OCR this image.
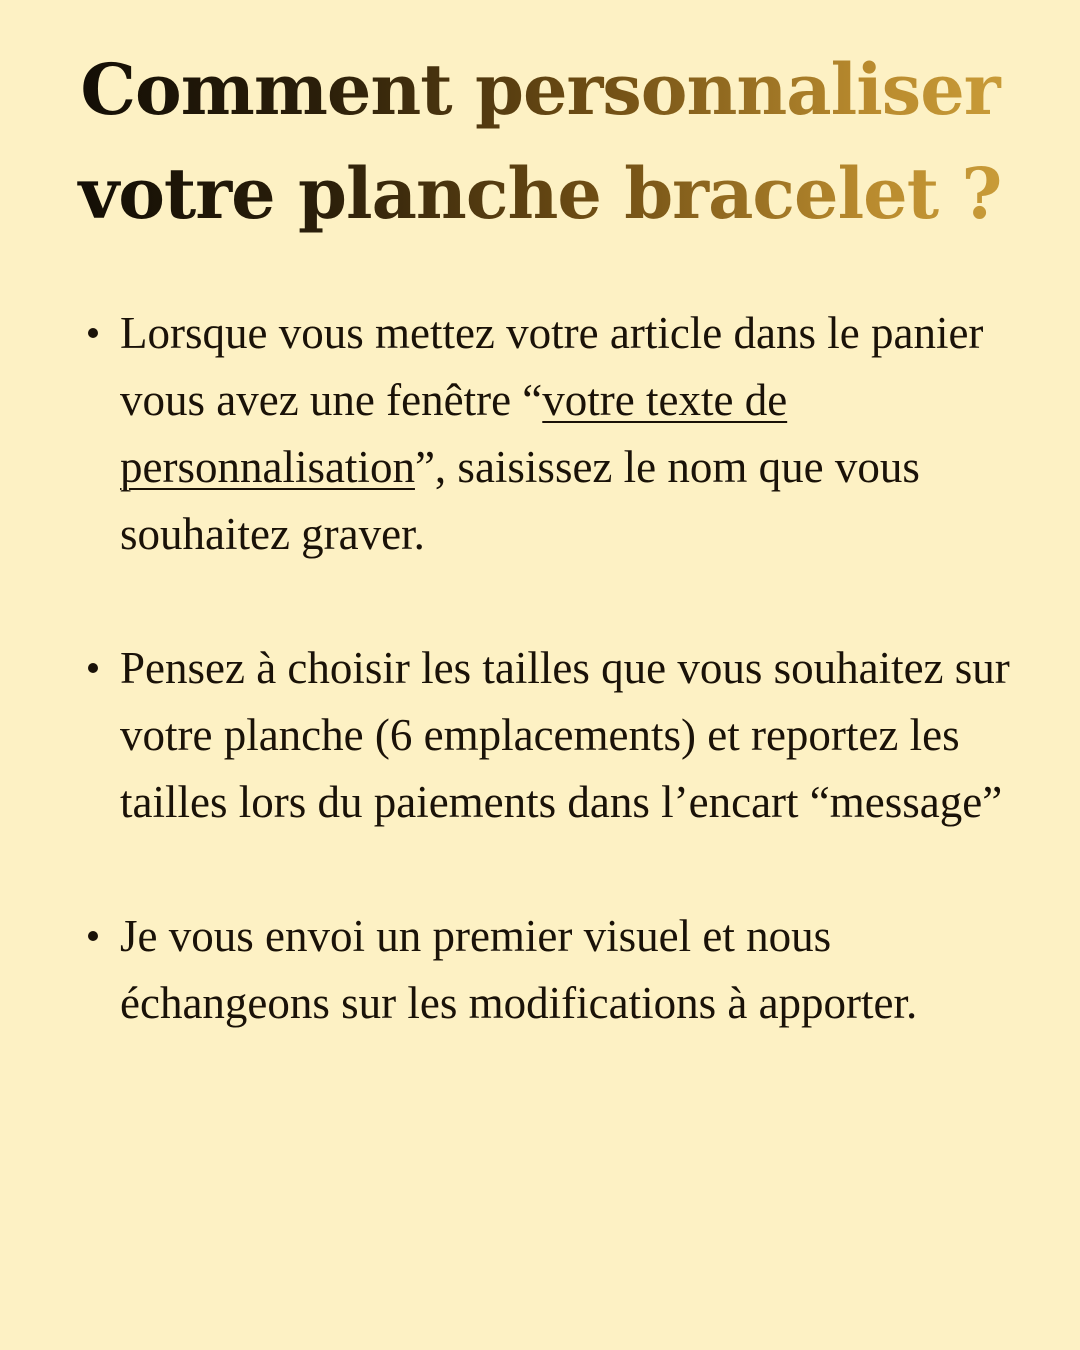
Comment personnaliser
votre planche bracelet ?
Lorsque vous mettez votre article dans le panier vous avez une fenêtre “votre texte de personnalisation”, saisissez le nom que vous souhaitez graver.
Pensez à choisir les tailles que vous souhaitez sur votre planche (6 emplacements) et reportez les tailles lors du paiements dans l’encart “message”
Je vous envoi un premier visuel et nous échangeons sur les modifications à apporter.
